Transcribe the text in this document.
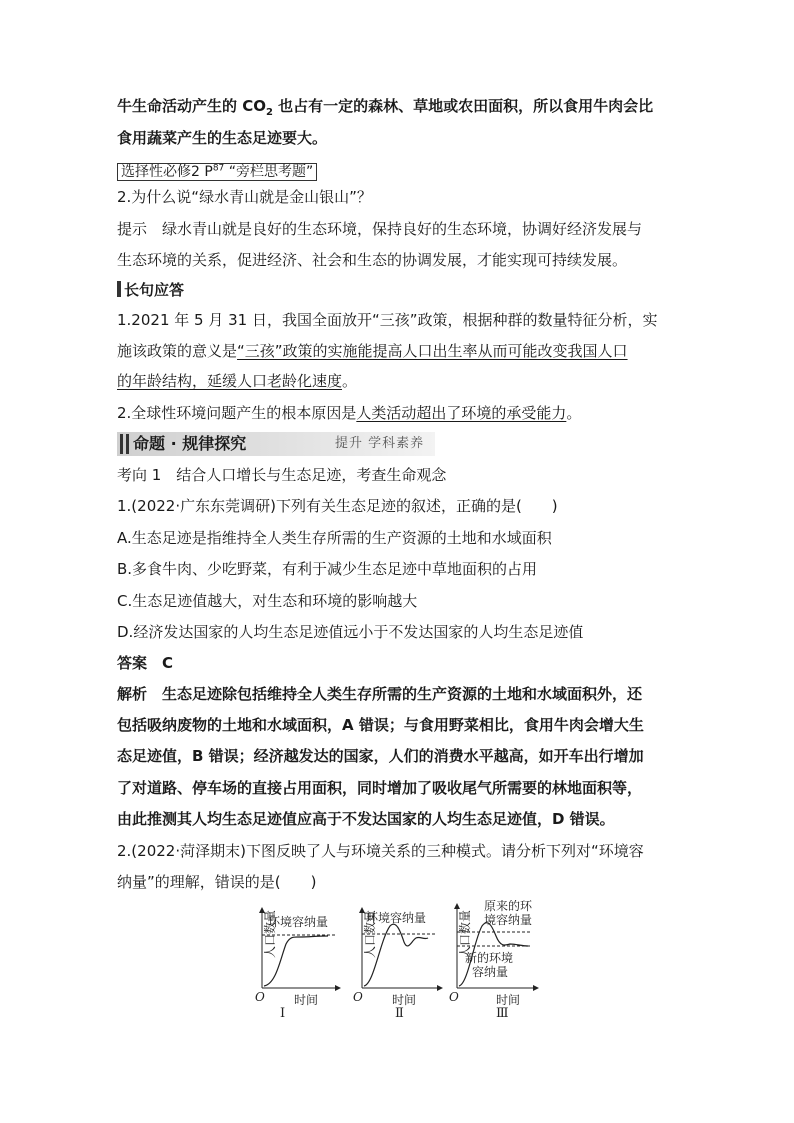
牛生命活动产生的 $CO_2$ 也占有一定的森林、草地或农田面积，所以食用牛肉会比
食用蔬菜产生的生态足迹要大。
选择性必修2 $P^{87}$ “旁栏思考题”
2.为什么说“绿水青山就是金山银山”？
提示　绿水青山就是良好的生态环境，保持良好的生态环境，协调好经济发展与
生态环境的关系，促进经济、社会和生态的协调发展，才能实现可持续发展。
长句应答
1.2021 年 5 月 31 日，我国全面放开“三孩”政策，根据种群的数量特征分析，实
施该政策的意义是“三孩”政策的实施能提高人口出生率从而可能改变我国人口
的年龄结构，延缓人口老龄化速度。
2.全球性环境问题产生的根本原因是人类活动超出了环境的承受能力。
命题 · 规律探究	提升 学科素养
考向 1　结合人口增长与生态足迹，考查生命观念
1.(2022·广东东莞调研)下列有关生态足迹的叙述，正确的是(　　)
A.生态足迹是指维持全人类生存所需的生产资源的土地和水域面积
B.多食牛肉、少吃野菜，有利于减少生态足迹中草地面积的占用
C.生态足迹值越大，对生态和环境的影响越大
D.经济发达国家的人均生态足迹值远小于不发达国家的人均生态足迹值
答案　C
解析　生态足迹除包括维持全人类生存所需的生产资源的土地和水域面积外，还
包括吸纳废物的土地和水域面积，A 错误；与食用野菜相比，食用牛肉会增大生
态足迹值，B 错误；经济越发达的国家，人们的消费水平越高，如开车出行增加
了对道路、停车场的直接占用面积，同时增加了吸收尾气所需要的林地面积等，
由此推测其人均生态足迹值应高于不发达国家的人均生态足迹值，D 错误。
2.(2022·菏泽期末)下图反映了人与环境关系的三种模式。请分析下列对“环境容
纳量”的理解，错误的是(　　)
环境容纳量
人口数量
O 时间
Ⅰ
环境容纳量
人口数量
O 时间
Ⅱ
原来的环
境容纳量
新的环境
容纳量
人口数量
O	时间
Ⅲ
